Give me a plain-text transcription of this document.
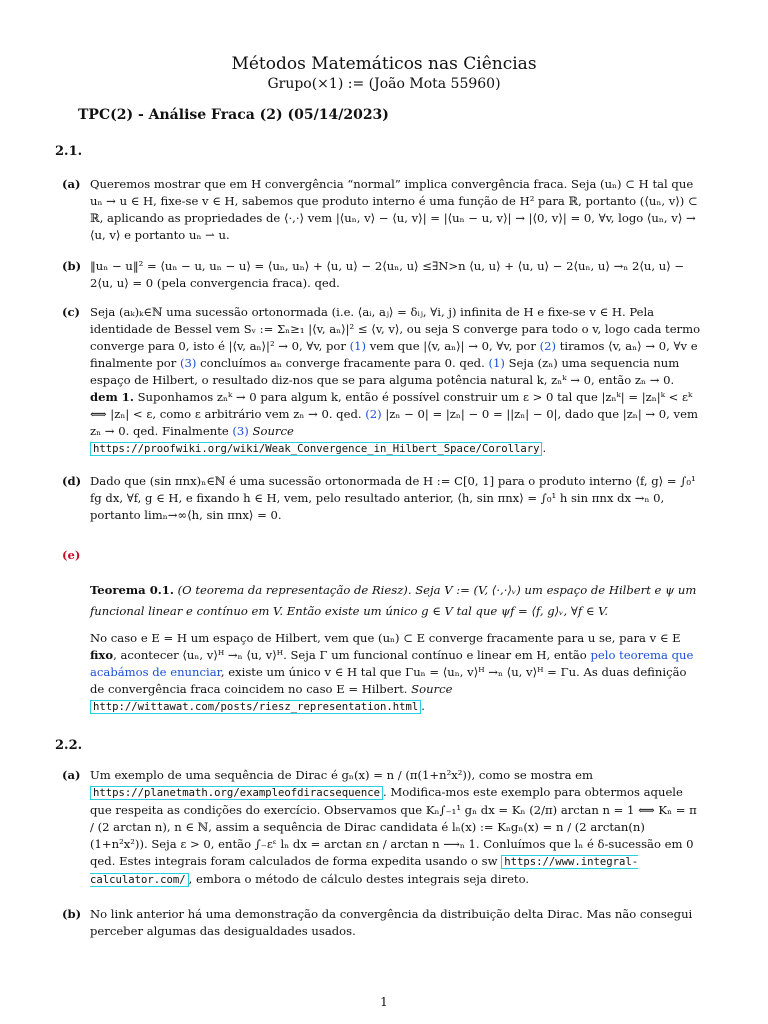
Métodos Matemáticos nas Ciências
Grupo(×1) := (João Mota 55960)
TPC(2) - Análise Fraca (2) (05/14/2023)
2.1.
(a) Queremos mostrar que em H convergência “normal” implica convergência fraca. Seja (uₙ) ⊂ H tal que uₙ → u ∈ H, fixe-se v ∈ H, sabemos que produto interno é uma função de H² para ℝ, portanto (⟨uₙ, v⟩) ⊂ ℝ, aplicando as propriedades de ⟨·,·⟩ vem |⟨uₙ, v⟩ − ⟨u, v⟩| = |⟨uₙ − u, v⟩| → |⟨0, v⟩| = 0, ∀v, logo ⟨uₙ, v⟩ → ⟨u, v⟩ e portanto uₙ ⇀ u.
(b) ‖uₙ − u‖² = ⟨uₙ − u, uₙ − u⟩ = ⟨uₙ, uₙ⟩ + ⟨u, u⟩ − 2⟨uₙ, u⟩ ≤∃N>n ⟨u, u⟩ + ⟨u, u⟩ − 2⟨uₙ, u⟩ →ₙ 2⟨u, u⟩ − 2⟨u, u⟩ = 0 (pela convergencia fraca). qed.
(c) Seja (aₖ)ₖ∈ℕ uma sucessão ortonormada (i.e. ⟨aᵢ, aⱼ⟩ = δᵢⱼ, ∀i, j) infinita de H e fixe-se v ∈ H. Pela identidade de Bessel vem Sᵥ := Σₙ≥₁ |⟨v, aₙ⟩|² ≤ ⟨v, v⟩, ou seja S converge para todo o v, logo cada termo converge para 0, isto é |⟨v, aₙ⟩|² → 0, ∀v, por (1) vem que |⟨v, aₙ⟩| → 0, ∀v, por (2) tiramos ⟨v, aₙ⟩ → 0, ∀v e finalmente por (3) concluímos aₙ converge fracamente para 0. qed. (1) Seja (zₙ) uma sequencia num espaço de Hilbert, o resultado diz-nos que se para alguma potência natural k, zₙᵏ → 0, então zₙ → 0. dem 1. Suponhamos zₙᵏ → 0 para algum k, então é possível construir um ε > 0 tal que |zₙᵏ| = |zₙ|ᵏ < εᵏ ⟺ |zₙ| < ε, como ε arbitrário vem zₙ → 0. qed. (2) |zₙ − 0| = |zₙ| − 0 = ||zₙ| − 0|, dado que |zₙ| → 0, vem zₙ → 0. qed. Finalmente (3) Source https://proofwiki.org/wiki/Weak_Convergence_in_Hilbert_Space/Corollary .
(d) Dado que (sin πnx)ₙ∈ℕ é uma sucessão ortonormada de H := C[0, 1] para o produto interno ⟨f, g⟩ = ∫₀¹ fg dx, ∀f, g ∈ H, e fixando h ∈ H, vem, pelo resultado anterior, ⟨h, sin πnx⟩ = ∫₀¹ h sin πnx dx →ₙ 0, portanto limₙ→∞⟨h, sin πnx⟩ = 0.
(e)
Teorema 0.1. (O teorema da representação de Riesz). Seja V := (V, ⟨·,·⟩ᵥ) um espaço de Hilbert e ψ um funcional linear e contínuo em V. Então existe um único g ∈ V tal que ψf = ⟨f, g⟩ᵥ, ∀f ∈ V.
No caso e E = H um espaço de Hilbert, vem que (uₙ) ⊂ E converge fracamente para u se, para v ∈ E fixo, acontecer ⟨uₙ, v⟩ᴴ →ₙ ⟨u, v⟩ᴴ. Seja Γ um funcional contínuo e linear em H, então pelo teorema que acabámos de enunciar, existe um único v ∈ H tal que Γuₙ = ⟨uₙ, v⟩ᴴ →ₙ ⟨u, v⟩ᴴ = Γu. As duas definição de convergência fraca coincidem no caso E = Hilbert. Source http://wittawat.com/posts/riesz_representation.html .
2.2.
(a) Um exemplo de uma sequência de Dirac é gₙ(x) = n / (π(1+n²x²)), como se mostra em https://planetmath.org/exampleofdiracsequence . Modifica-mos este exemplo para obtermos aquele que respeita as condições do exercício. Observamos que Kₙ∫₋₁¹ gₙ dx = Kₙ (2/π) arctan n = 1 ⟺ Kₙ = π / (2 arctan n), n ∈ ℕ, assim a sequência de Dirac candidata é lₙ(x) := Kₙgₙ(x) = n / (2 arctan(n)(1+n²x²)). Seja ε > 0, então ∫₋εᵋ lₙ dx = arctan εn / arctan n ⟶ₙ 1. Conluímos que lₙ é δ-sucessão em 0 qed. Estes integrais foram calculados de forma expedita usando o sw https://www.integral-calculator.com/ , embora o método de cálculo destes integrais seja direto.
(b) No link anterior há uma demonstração da convergência da distribuição delta Dirac. Mas não consegui perceber algumas das desigualdades usados.
1
